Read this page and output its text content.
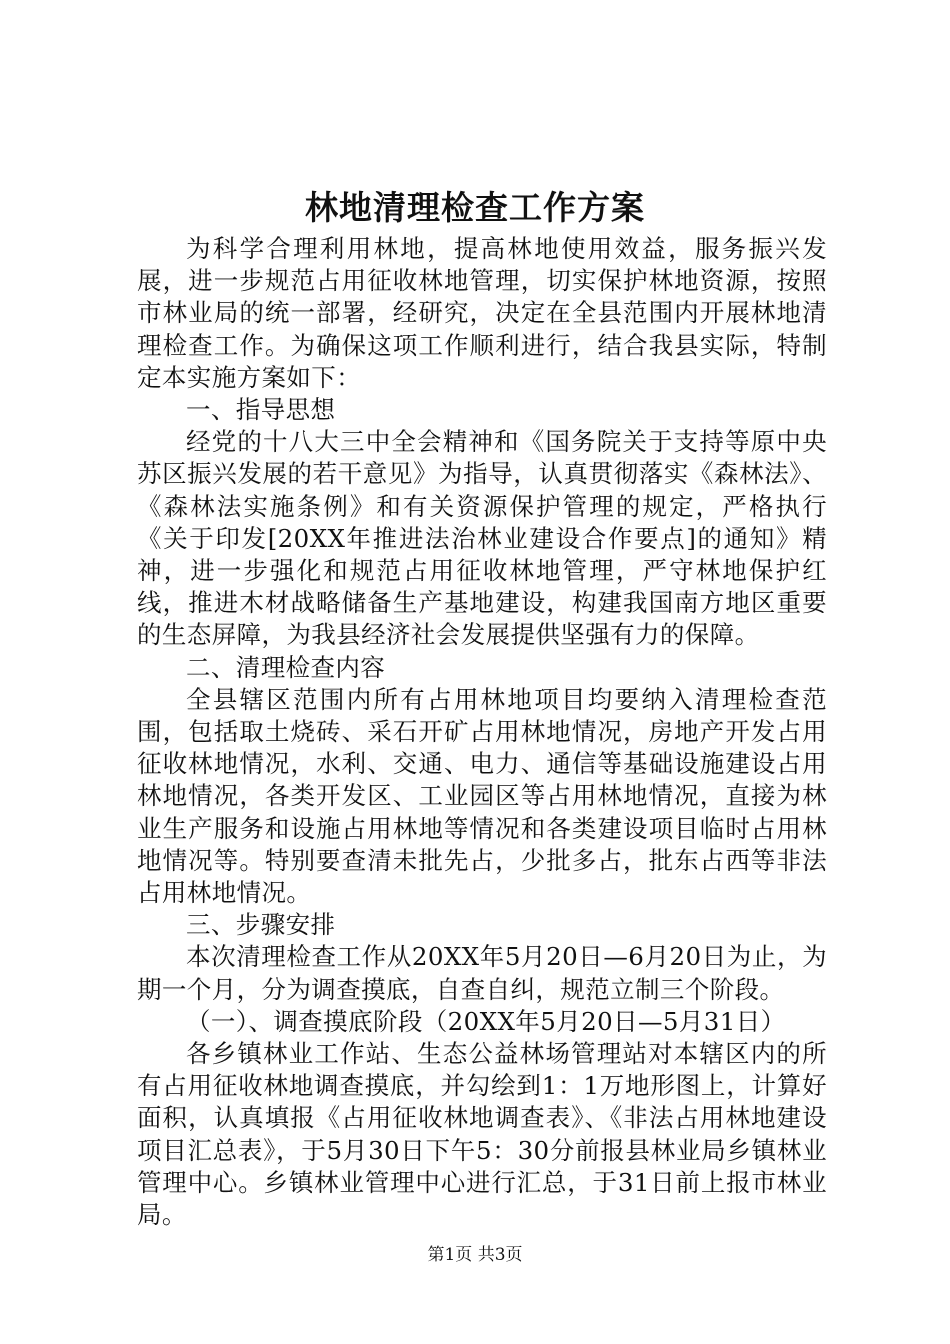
林地清理检查工作方案

为科学合理利用林地，提高林地使用效益，服务振兴发展，进一步规范占用征收林地管理，切实保护林地资源，按照市林业局的统一部署，经研究，决定在全县范围内开展林地清理检查工作。为确保这项工作顺利进行，结合我县实际，特制定本实施方案如下：

一、指导思想

经党的十八大三中全会精神和《国务院关于支持等原中央苏区振兴发展的若干意见》为指导，认真贯彻落实《森林法》、《森林法实施条例》和有关资源保护管理的规定，严格执行《关于印发[20XX年推进法治林业建设合作要点]的通知》精神，进一步强化和规范占用征收林地管理，严守林地保护红线，推进木材战略储备生产基地建设，构建我国南方地区重要的生态屏障，为我县经济社会发展提供坚强有力的保障。

二、清理检查内容

全县辖区范围内所有占用林地项目均要纳入清理检查范围，包括取土烧砖、采石开矿占用林地情况，房地产开发占用征收林地情况，水利、交通、电力、通信等基础设施建设占用林地情况，各类开发区、工业园区等占用林地情况，直接为林业生产服务和设施占用林地等情况和各类建设项目临时占用林地情况等。特别要查清未批先占，少批多占，批东占西等非法占用林地情况。

三、步骤安排

本次清理检查工作从20XX年5月20日—6月20日为止，为期一个月，分为调查摸底，自查自纠，规范立制三个阶段。

（一）、调查摸底阶段（20XX年5月20日—5月31日）

各乡镇林业工作站、生态公益林场管理站对本辖区内的所有占用征收林地调查摸底，并勾绘到1：1万地形图上，计算好面积，认真填报《占用征收林地调查表》、《非法占用林地建设项目汇总表》，于5月30日下午5：30分前报县林业局乡镇林业管理中心。乡镇林业管理中心进行汇总，于31日前上报市林业局。

第1页 共3页
